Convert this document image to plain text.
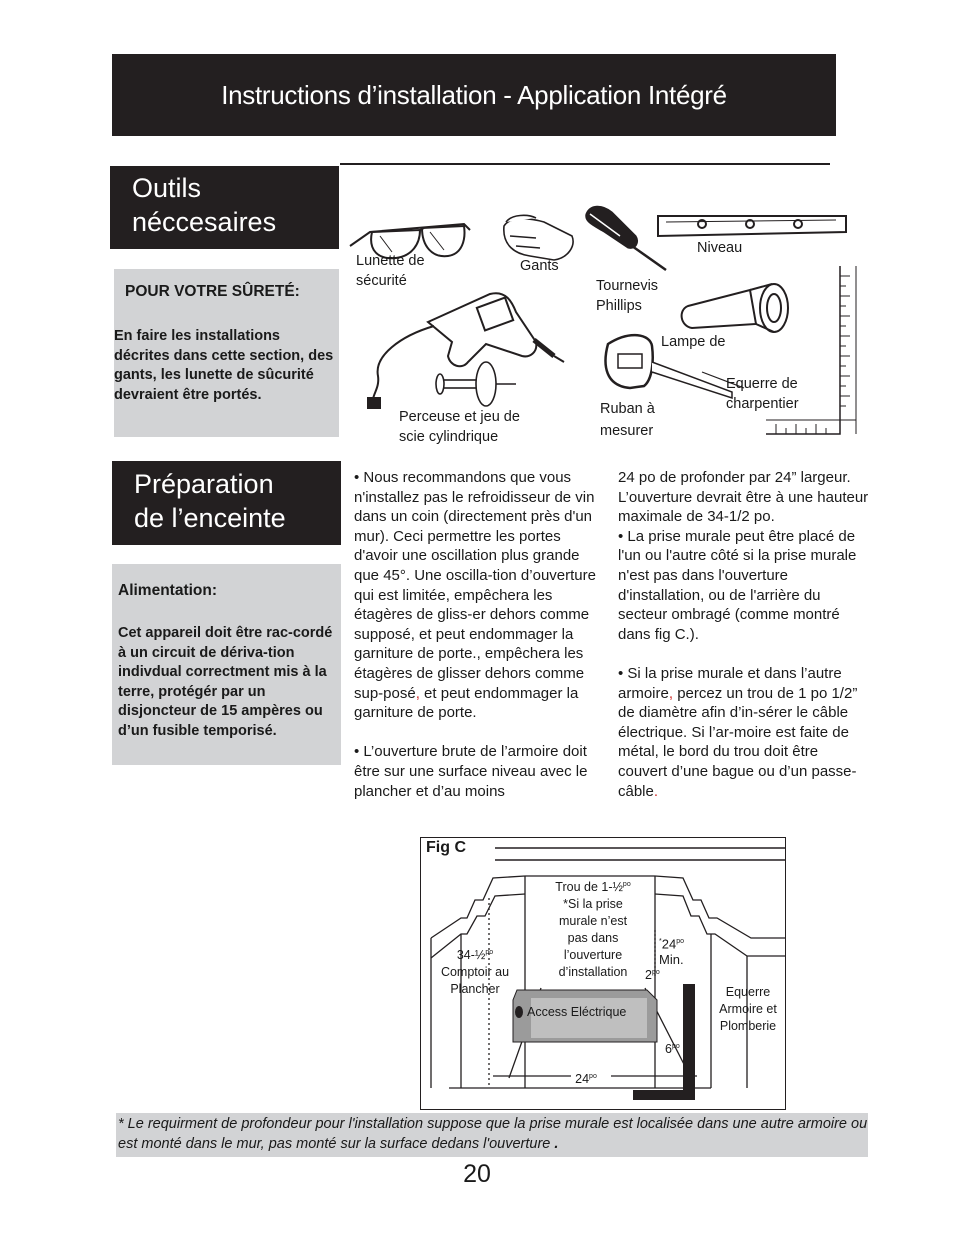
Instructions d’installation - Application Intégré
Outils
néccesaires

POUR VOTRE SÛRETÉ:

En faire les installations décrites dans cette section, des gants, les lunette de sûcurité devraient être portés.

Lunette de
sécurité
Gants
Tournevis
Phillips
Niveau
Lampe de
Perceuse et jeu de
scie cylindrique
Ruban à
mesurer
Equerre de
charpentier
Préparation
de l’enceinte

Alimentation:

Cet appareil doit être rac-cordé à un circuit de dériva-tion indivdual correctment mis à la terre, protégér par un disjoncteur de 15 ampères ou d’un fusible temporisé.

• Nous recommandons que vous n'installez pas le refroidisseur de vin dans un coin (directement près d'un mur). Ceci permettre les portes d'avoir une oscillation plus grande que 45°. Une oscilla-tion d’ouverture qui est limitée, empêchera les étagères de gliss-er dehors comme supposé, et peut endommager la garniture de porte., empêchera les étagères de glisser dehors comme sup-posé, et peut endommager la garniture de porte.
• L’ouverture brute de l’armoire doit être sur une surface niveau avec le plancher et d’au moins
24 po de profonder par 24” largeur. L’ouverture devrait être à une hauteur maximale de 34-1/2 po.
• La prise murale peut être placé de l'un ou l'autre côté si la prise murale n'est pas dans l'ouverture d'installation, ou de l'arrière du secteur ombragé (comme montré dans fig C.).
• Si la prise murale et dans l’autre armoire, percez un trou de 1 po 1/2” de diamètre afin d’in-sérer le câble électrique. Si l’ar-moire est faite de métal, le bord du trou doit être couvert d’une bague ou d’un passe-câble.
Fig C
Trou de 1-½$^{po}$
*Si la prise
murale n’est
pas dans
l’ouverture
d’installation
34-½$^{po}$
Comptoir au
Plancher
$^*24^{po}$
Min.
$2^{po}$
Access Eléctrique
$6^{po}$
$24^{po}$
Equerre
Armoire et
Plomberie
* Le requirment de profondeur pour l'installation suppose que la prise murale est localisée dans une autre armoire ou est monté dans le mur, pas monté sur la surface dedans l'ouverture .
20
